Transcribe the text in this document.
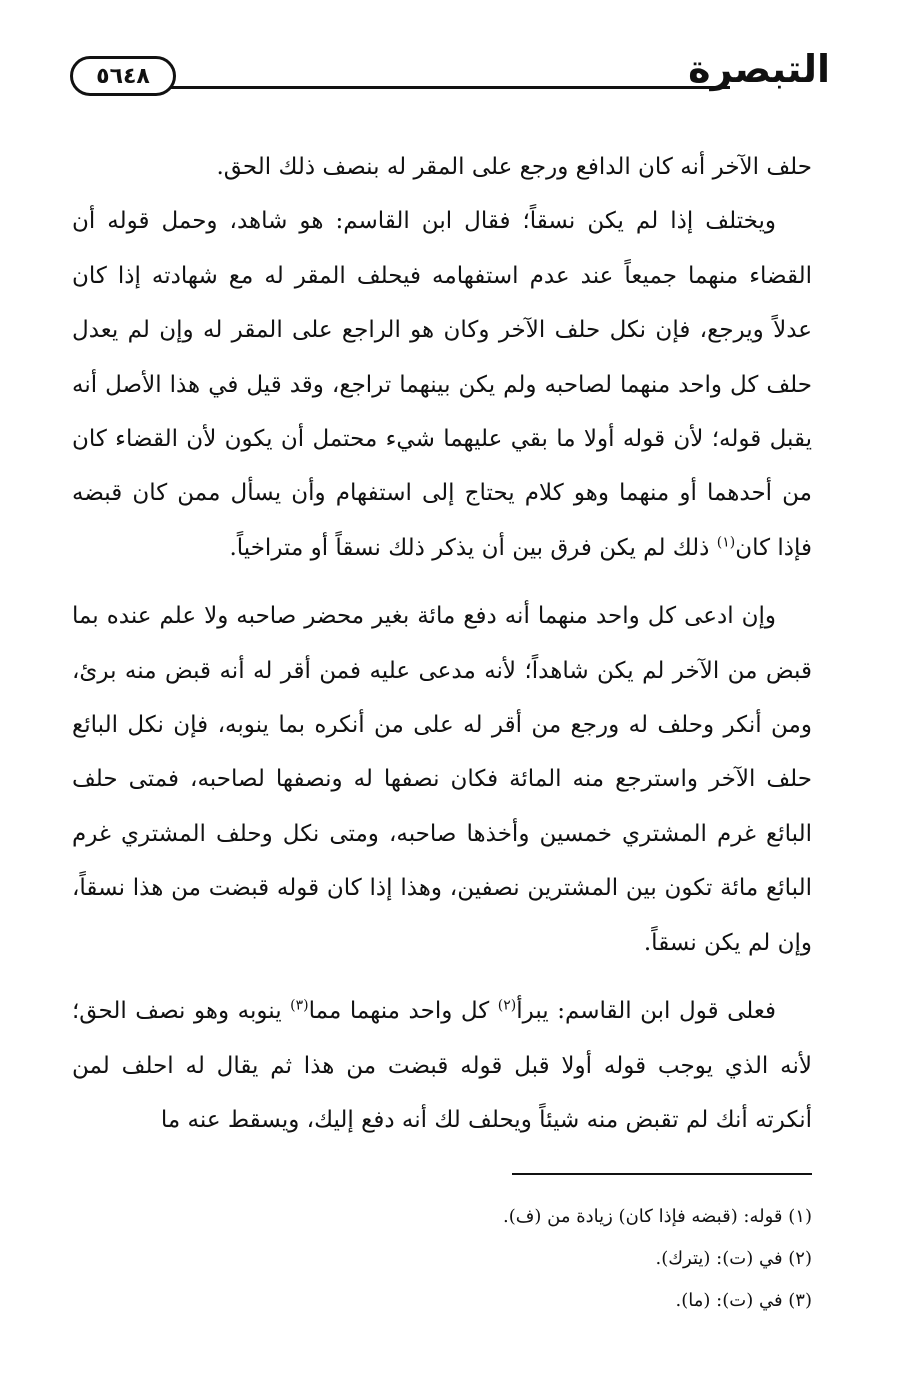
٥٦٤٨	التبصرة

حلف الآخر أنه كان الدافع ورجع على المقر له بنصف ذلك الحق.

ويختلف إذا لم يكن نسقاً؛ فقال ابن القاسم: هو شاهد، وحمل قوله أن القضاء منهما جميعاً عند عدم استفهامه فيحلف المقر له مع شهادته إذا كان عدلاً ويرجع، فإن نكل حلف الآخر وكان هو الراجع على المقر له وإن لم يعدل حلف كل واحد منهما لصاحبه ولم يكن بينهما تراجع، وقد قيل في هذا الأصل أنه يقبل قوله؛ لأن قوله أولا ما بقي عليهما شيء محتمل أن يكون لأن القضاء كان من أحدهما أو منهما وهو كلام يحتاج إلى استفهام وأن يسأل ممن كان قبضه فإذا كان$^{(١)}$ ذلك لم يكن فرق بين أن يذكر ذلك نسقاً أو متراخياً.

وإن ادعى كل واحد منهما أنه دفع مائة بغير محضر صاحبه ولا علم عنده بما قبض من الآخر لم يكن شاهداً؛ لأنه مدعى عليه فمن أقر له أنه قبض منه برئ، ومن أنكر وحلف له ورجع من أقر له على من أنكره بما ينوبه، فإن نكل البائع حلف الآخر واسترجع منه المائة فكان نصفها له ونصفها لصاحبه، فمتى حلف البائع غرم المشتري خمسين وأخذها صاحبه، ومتى نكل وحلف المشتري غرم البائع مائة تكون بين المشترين نصفين، وهذا إذا كان قوله قبضت من هذا نسقاً، وإن لم يكن نسقاً.

فعلى قول ابن القاسم: يبرأ$^{(٢)}$ كل واحد منهما مما$^{(٣)}$ ينوبه وهو نصف الحق؛ لأنه الذي يوجب قوله أولا قبل قوله قبضت من هذا ثم يقال له احلف لمن أنكرته أنك لم تقبض منه شيئاً ويحلف لك أنه دفع إليك، ويسقط عنه ما

(١) قوله: (قبضه فإذا كان) زيادة من (ف).

(٢) في (ت): (يترك).

(٣) في (ت): (ما).
